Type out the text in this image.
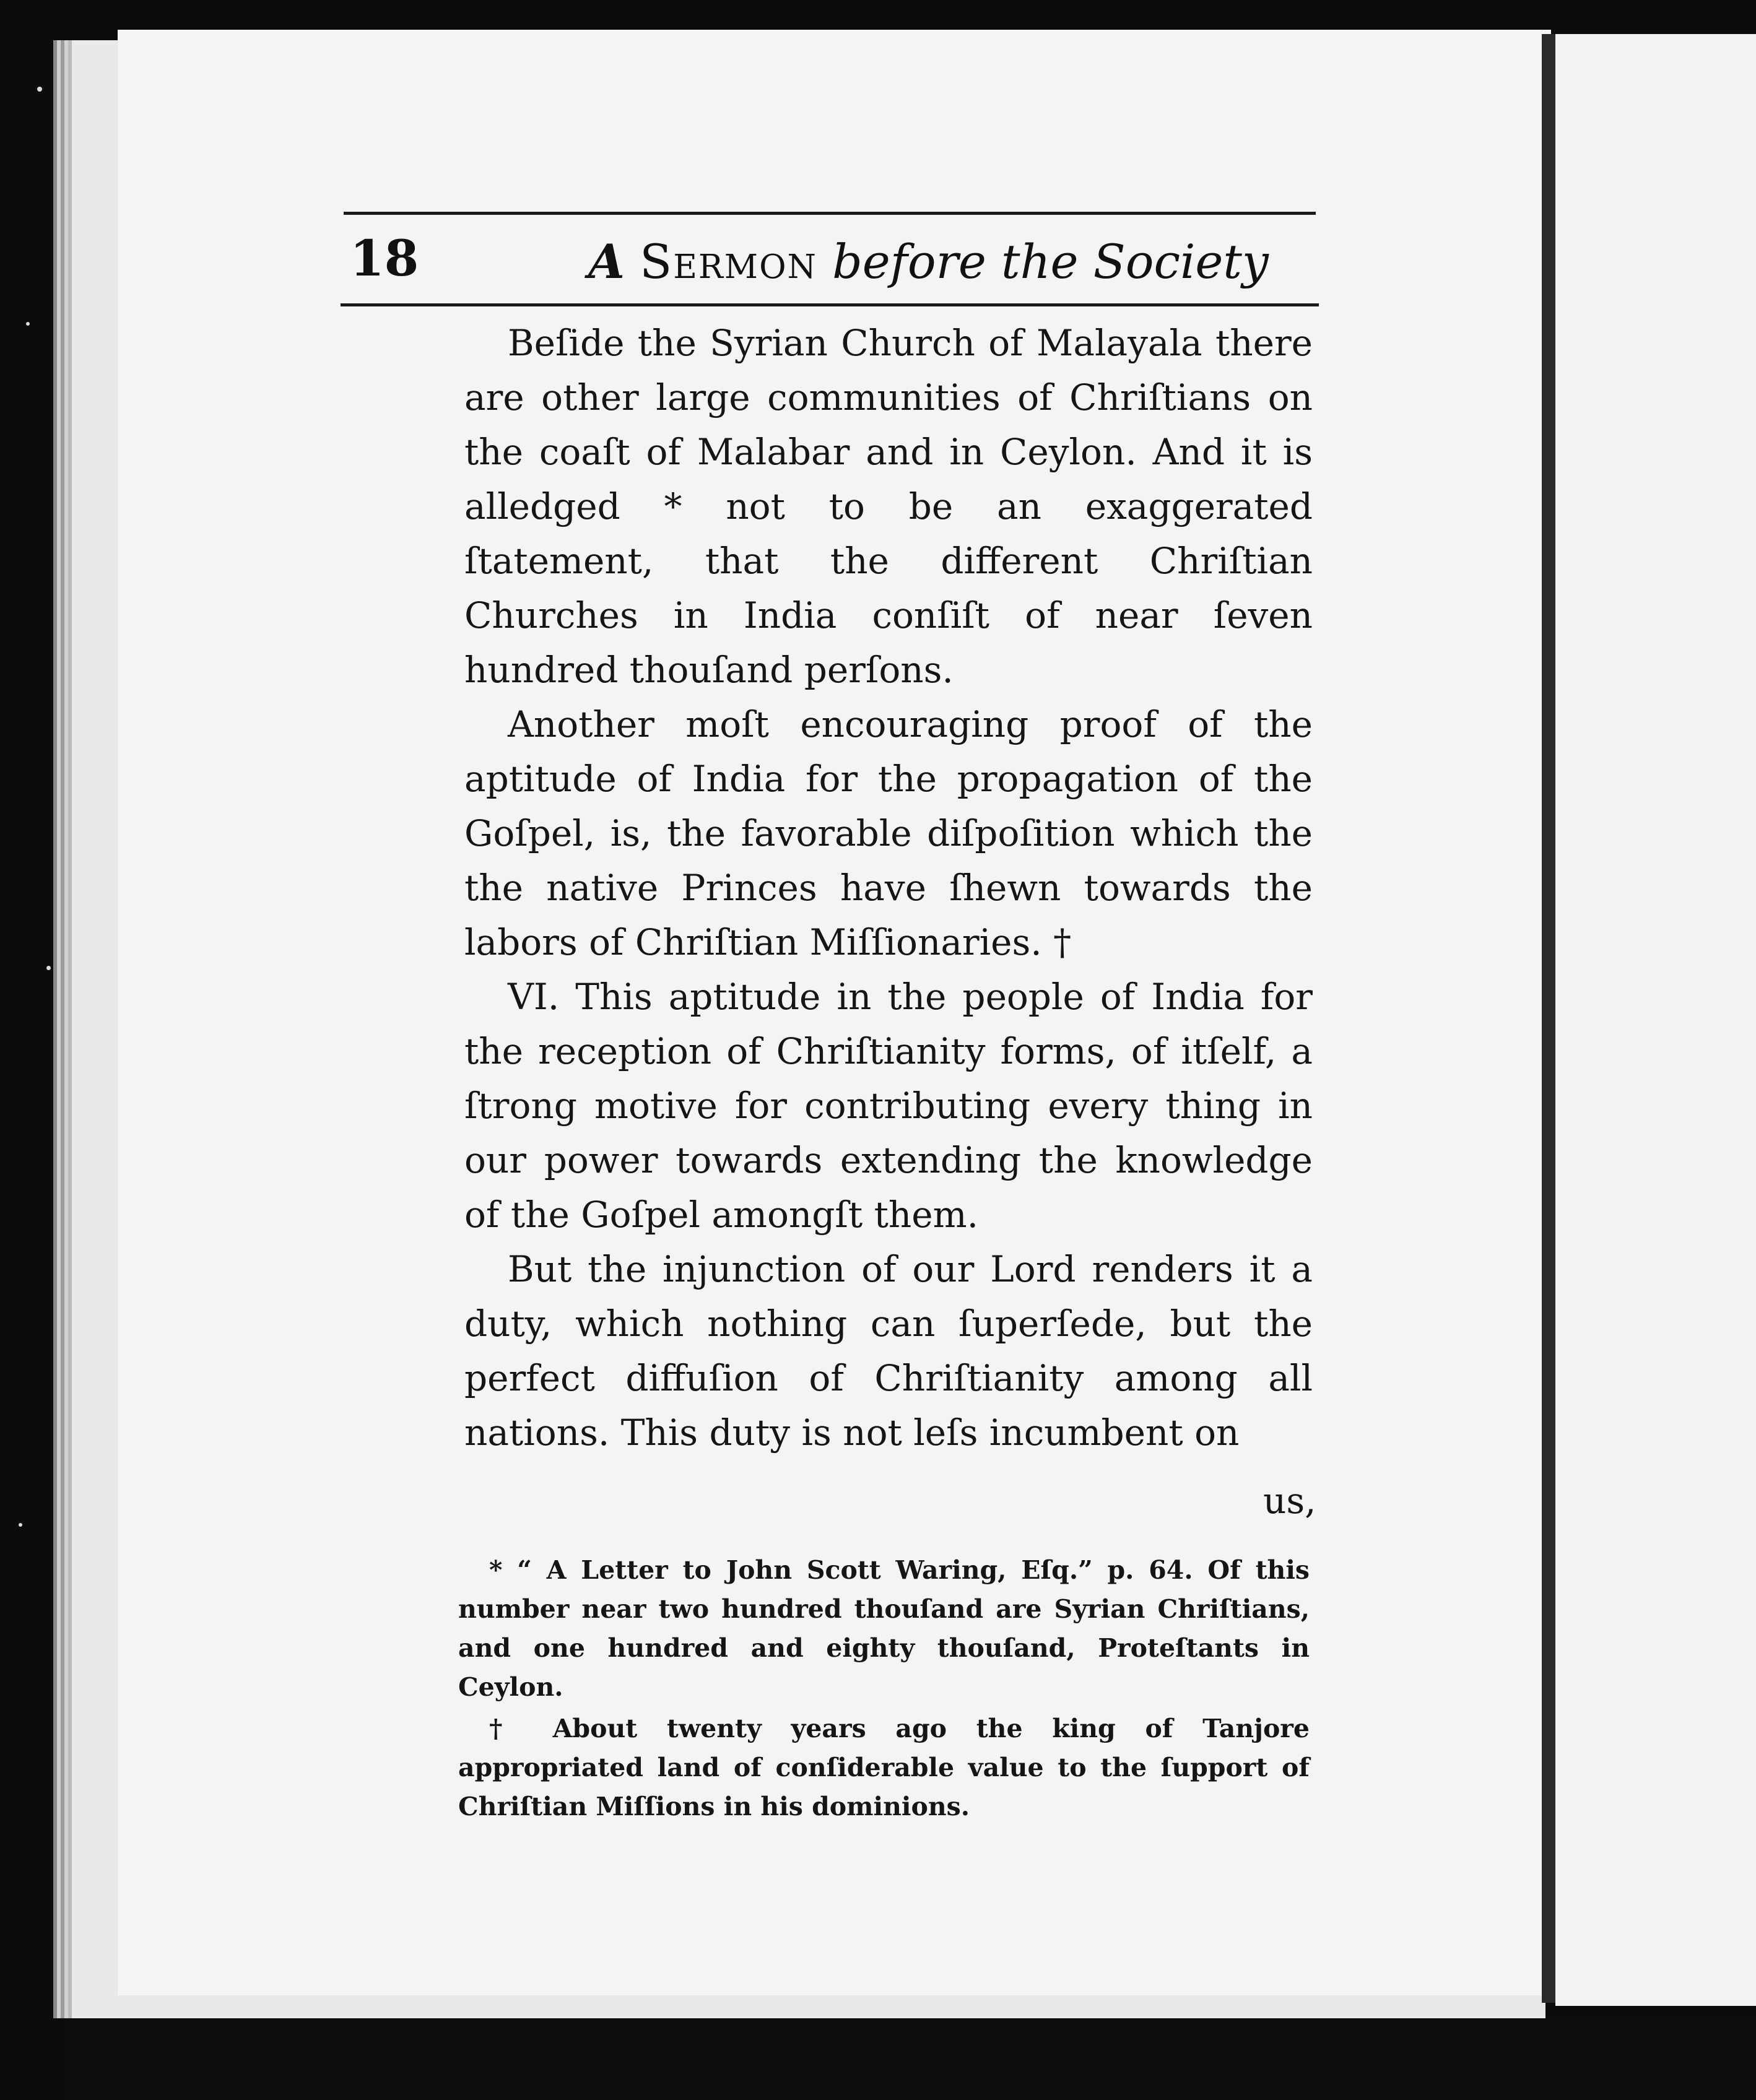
18	A Sermon before the Society

Beſide the Syrian Church of Malayala there are other large communities of Chriſtians on the coaſt of Malabar and in Ceylon. And it is alledged * not to be an exaggerated ſtatement, that the different Chriſtian Churches in India conſiſt of near ſeven hundred thouſand perſons.

Another moſt encouraging proof of the aptitude of India for the propagation of the Goſpel, is, the favorable diſpoſition which the the native Princes have ſhewn towards the labors of Chriſtian Miſſionaries. †

VI. This aptitude in the people of India for the reception of Chriſtianity forms, of itſelf, a ſtrong motive for contributing every thing in our power towards extending the knowledge of the Goſpel amongſt them.

But the injunction of our Lord renders it a duty, which nothing can ſuperſede, but the perfect diffuſion of Chriſtianity among all nations. This duty is not leſs incumbent on

us,

* “ A Letter to John Scott Waring, Eſq.” p. 64. Of this number near two hundred thouſand are Syrian Chriſtians, and one hundred and eighty thouſand, Proteſtants in Ceylon.

† About twenty years ago the king of Tanjore appropriated land of conſiderable value to the ſupport of Chriſtian Miſſions in his dominions.
